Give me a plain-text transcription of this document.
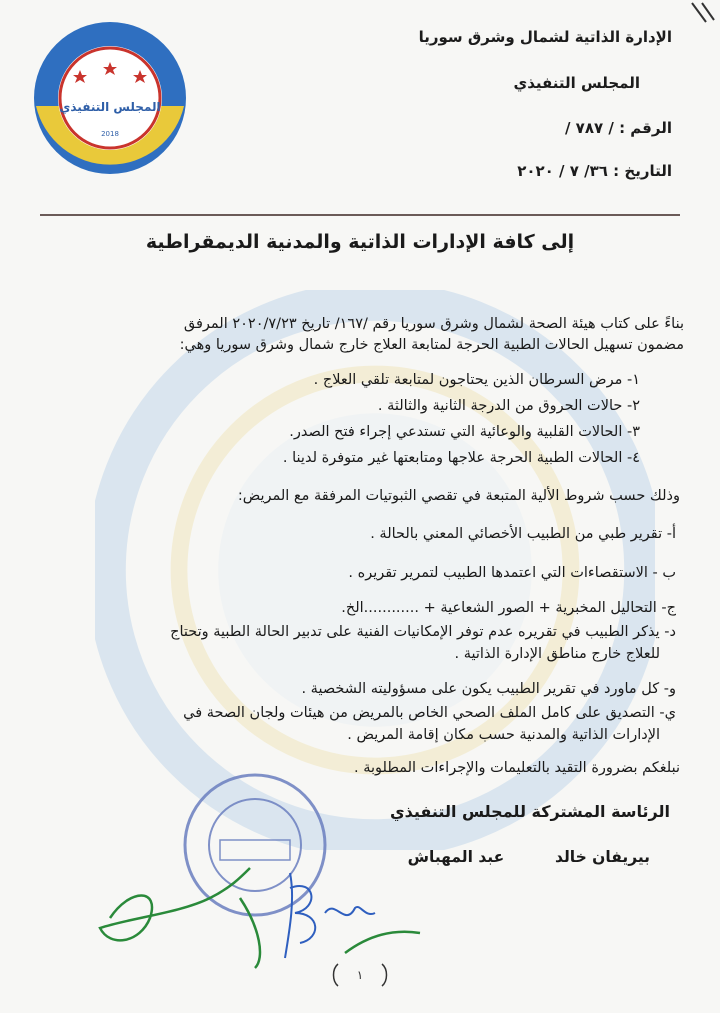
المجلس التنفيذي
2018
الإدارة الذاتية لشمال وشرق سوريا
المجلس التنفيذي
الرقم : / ٧٨٧ /
التاريخ : ٣٦/ ٧ / ٢٠٢٠
إلى كافة الإدارات الذاتية والمدنية الديمقراطية
بناءً على كتاب هيئة الصحة لشمال وشرق سوريا رقم /١٦٧/ تاريخ ٢٠٢٠/٧/٢٣ المرفق
مضمون تسهيل الحالات الطبية الحرجة لمتابعة العلاج خارج شمال وشرق سوريا وهي:
١- مرض السرطان الذين يحتاجون لمتابعة تلقي العلاج .
٢- حالات الحروق من الدرجة الثانية والثالثة .
٣- الحالات القلبية والوعائية التي تستدعي إجراء فتح الصدر.
٤- الحالات الطبية الحرجة علاجها ومتابعتها غير متوفرة لدينا .
وذلك حسب شروط الألية المتبعة في تقصي الثبوتيات المرفقة مع المريض:
أ- تقرير طبي من الطبيب الأخصائي المعني بالحالة .
ب - الاستقصاءات التي اعتمدها الطبيب لتمرير تقريره .
ج- التحاليل المخبرية + الصور الشعاعية + ............الخ.
د- يذكر الطبيب في تقريره عدم توفر الإمكانيات الفنية على تدبير الحالة الطبية وتحتاج
للعلاج خارج مناطق الإدارة الذاتية .
و- كل ماورد في تقرير الطبيب يكون على مسؤوليته الشخصية .
ي- التصديق على كامل الملف الصحي الخاص بالمريض من هيئات ولجان الصحة في
الإدارات الذاتية والمدنية حسب مكان إقامة المريض .
نبلغكم بضرورة التقيد بالتعليمات والإجراءات المطلوبة .
الرئاسة المشتركة للمجلس التنفيذي
بيريفان خالد  عبد المهباش
١
